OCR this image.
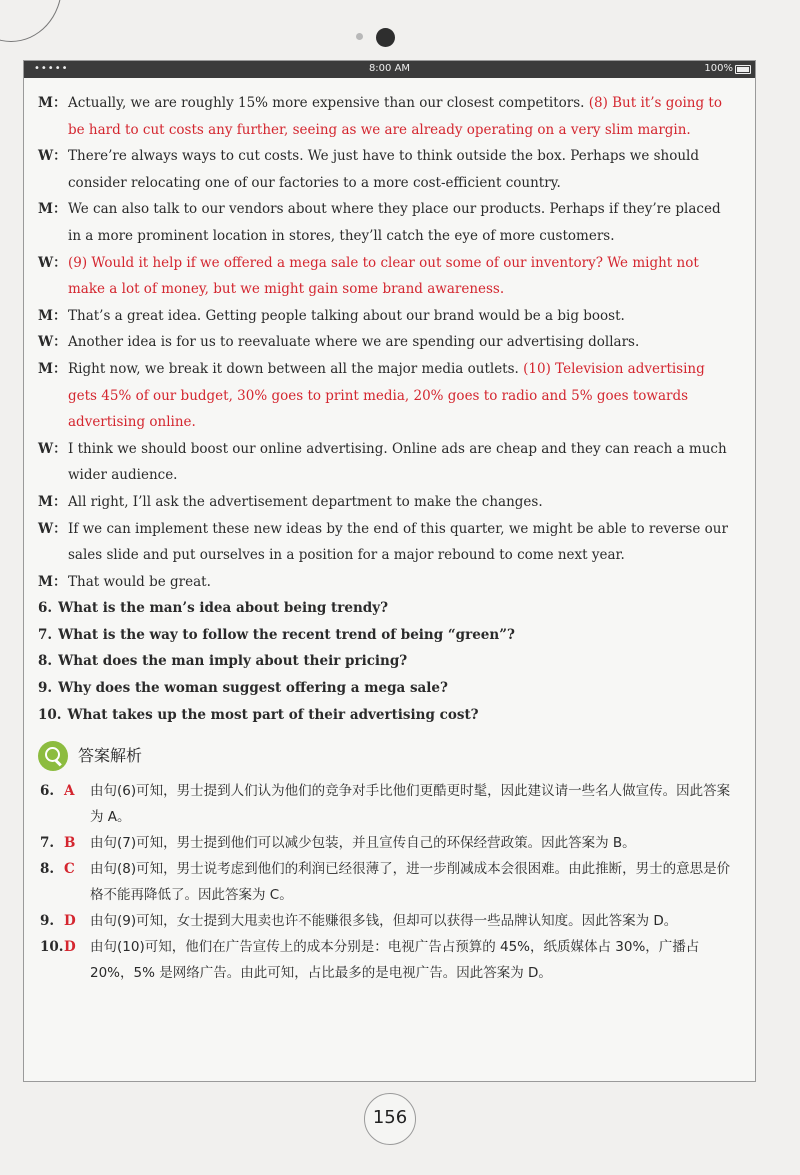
•••••	8:00 AM	100%
M： Actually, we are roughly 15% more expensive than our closest competitors. (8) But it’s going to be hard to cut costs any further, seeing as we are already operating on a very slim margin.
W： There’re always ways to cut costs. We just have to think outside the box. Perhaps we should consider relocating one of our factories to a more cost-efficient country.
M： We can also talk to our vendors about where they place our products. Perhaps if they’re placed in a more prominent location in stores, they’ll catch the eye of more customers.
W： (9) Would it help if we offered a mega sale to clear out some of our inventory? We might not make a lot of money, but we might gain some brand awareness.
M： That’s a great idea. Getting people talking about our brand would be a big boost.
W： Another idea is for us to reevaluate where we are spending our advertising dollars.
M： Right now, we break it down between all the major media outlets. (10) Television advertising gets 45% of our budget, 30% goes to print media, 20% goes to radio and 5% goes towards advertising online.
W： I think we should boost our online advertising. Online ads are cheap and they can reach a much wider audience.
M： All right, I’ll ask the advertisement department to make the changes.
W： If we can implement these new ideas by the end of this quarter, we might be able to reverse our sales slide and put ourselves in a position for a major rebound to come next year.
M： That would be great.
6. What is the man’s idea about being trendy?
7. What is the way to follow the recent trend of being “green”?
8. What does the man imply about their pricing?
9. Why does the woman suggest offering a mega sale?
10. What takes up the most part of their advertising cost?
答案解析
6. A 由句(6)可知，男士提到人们认为他们的竞争对手比他们更酷更时髦，因此建议请一些名人做宣传。因此答案为 A。
7. B 由句(7)可知，男士提到他们可以减少包装，并且宣传自己的环保经营政策。因此答案为 B。
8. C 由句(8)可知，男士说考虑到他们的利润已经很薄了，进一步削减成本会很困难。由此推断，男士的意思是价格不能再降低了。因此答案为 C。
9. D 由句(9)可知，女士提到大甩卖也许不能赚很多钱，但却可以获得一些品牌认知度。因此答案为 D。
10. D 由句(10)可知，他们在广告宣传上的成本分别是：电视广告占预算的 45%，纸质媒体占 30%，广播占 20%，5% 是网络广告。由此可知，占比最多的是电视广告。因此答案为 D。
156
